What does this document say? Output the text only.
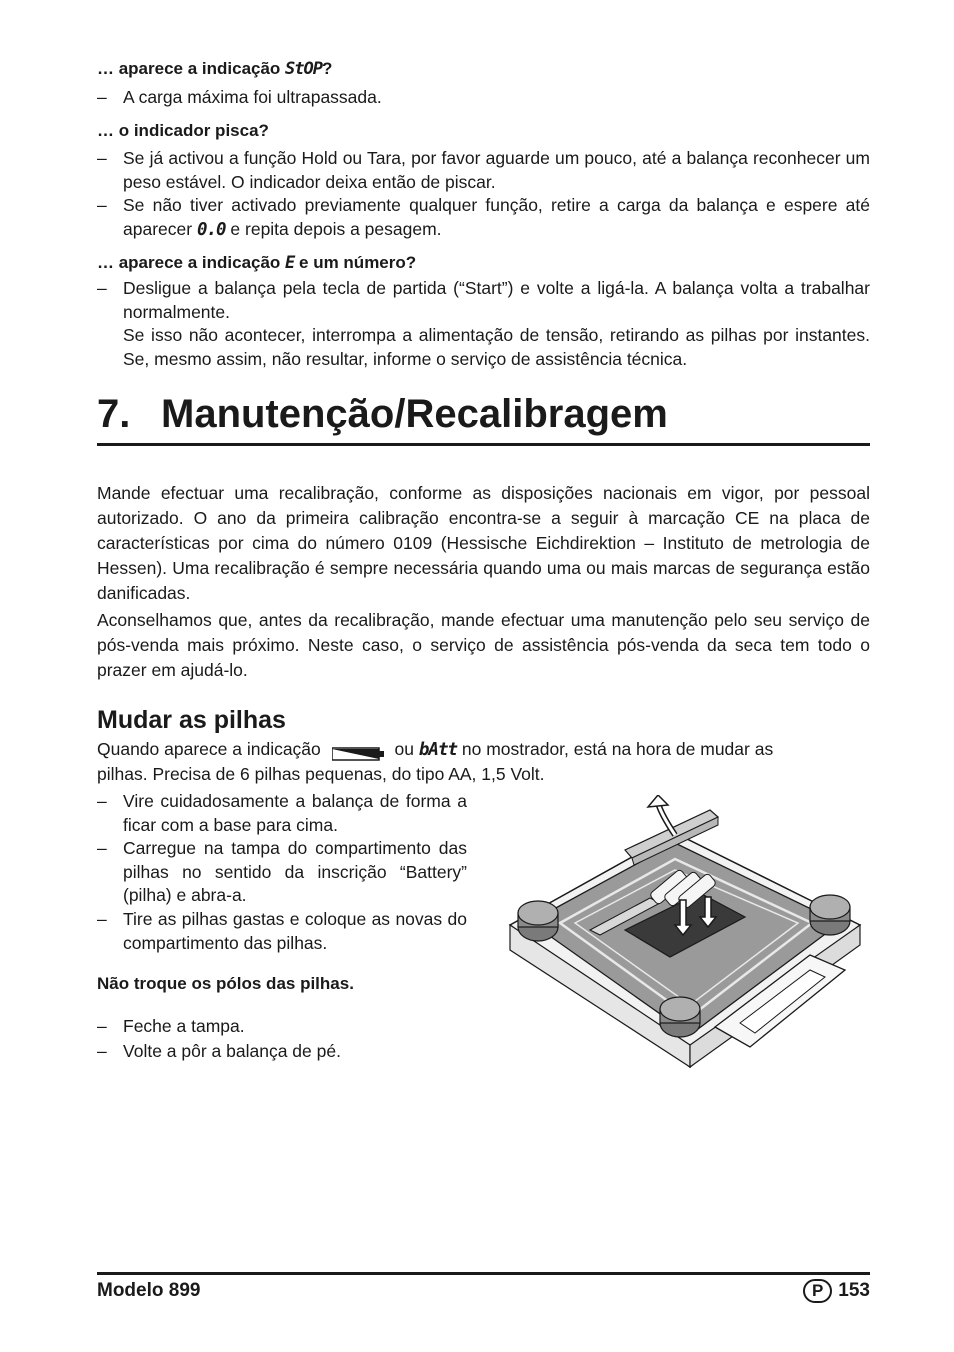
… aparece a indicação StOP?
– A carga máxima foi ultrapassada.
… o indicador pisca?
– Se já activou a função Hold ou Tara, por favor aguarde um pouco, até a balança reconhecer um peso estável. O indicador deixa então de piscar.
– Se não tiver activado previamente qualquer função, retire a carga da balança e espere até aparecer 0.0 e repita depois a pesagem.
… aparece a indicação E e um número?
– Desligue a balança pela tecla de partida (“Start”) e volte a ligá-la. A balança volta a trabalhar normalmente.
Se isso não acontecer, interrompa a alimentação de tensão, retirando as pilhas por instantes. Se, mesmo assim, não resultar, informe o serviço de assistência técnica.
7. Manutenção/Recalibragem
Mande efectuar uma recalibração, conforme as disposições nacionais em vigor, por pessoal autorizado. O ano da primeira calibração encontra-se a seguir à marcação CE na placa de características por cima do número 0109 (Hessische Eichdirektion – Instituto de metrologia de Hessen). Uma recalibração é sempre necessária quando uma ou mais marcas de segurança estão danificadas.
Aconselhamos que, antes da recalibração, mande efectuar uma manutenção pelo seu serviço de pós-venda mais próximo. Neste caso, o serviço de assistência pós-venda da seca tem todo o prazer em ajudá-lo.
Mudar as pilhas
Quando aparece a indicação	ou bAtt no mostrador, está na hora de mudar as
pilhas. Precisa de 6 pilhas pequenas, do tipo AA, 1,5 Volt.
– Vire cuidadosamente a balança de forma a ficar com a base para cima.
– Carregue na tampa do compartimento das pilhas no sentido da inscrição “Battery” (pilha) e abra-a.
– Tire as pilhas gastas e coloque as novas do compartimento das pilhas.
Não troque os pólos das pilhas.
– Feche a tampa.
– Volte a pôr a balança de pé.
Modelo 899	P 153
